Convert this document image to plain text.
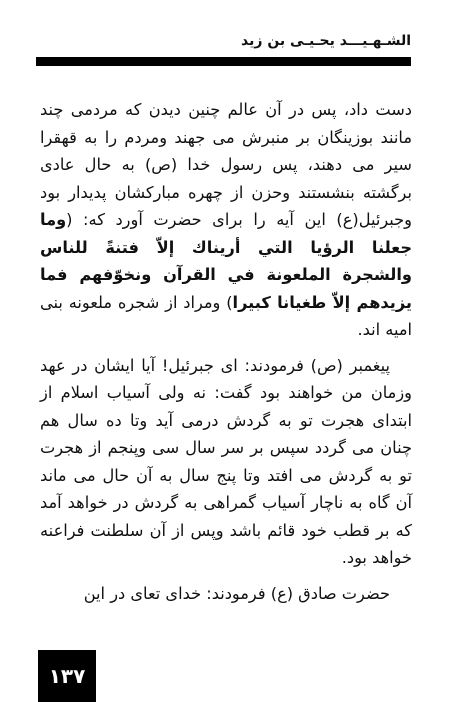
الشـهـيـــد يحـيـى بن زيد

دست داد، پس در آن عالم چنین دیدن که مردمی چند مانند بوزینگان بر منبرش می جهند ومردم را به قهقرا سیر می دهند، پس رسول خدا (ص) به حال عادی برگشته بنشستند وحزن از چهره مبارکشان پدیدار بود وجبرئیل(ع) این آیه را برای حضرت آورد که: (وما جعلنا الرؤيا التي أريناك إلاّ فتنةً للناس والشجرة الملعونة في القرآن ونخوّفهم فما يزيدهم إلاّ طغيانا كبيرا) ومراد از شجره ملعونه بنی امیه اند.

پیغمبر (ص) فرمودند: ای جبرئیل! آیا ایشان در عهد وزمان من خواهند بود گفت: نه ولی آسیاب اسلام از ابتدای هجرت تو به گردش درمی آید وتا ده سال هم چنان می گردد سپس بر سر سال سی وپنجم از هجرت تو به گردش می افتد وتا پنج سال به آن حال می ماند آن گاه به ناچار آسیاب گمراهی به گردش در خواهد آمد که بر قطب خود قائم باشد وپس از آن سلطنت فراعنه خواهد بود.

حضرت صادق (ع) فرمودند: خدای تعای در این

۱۳۷
